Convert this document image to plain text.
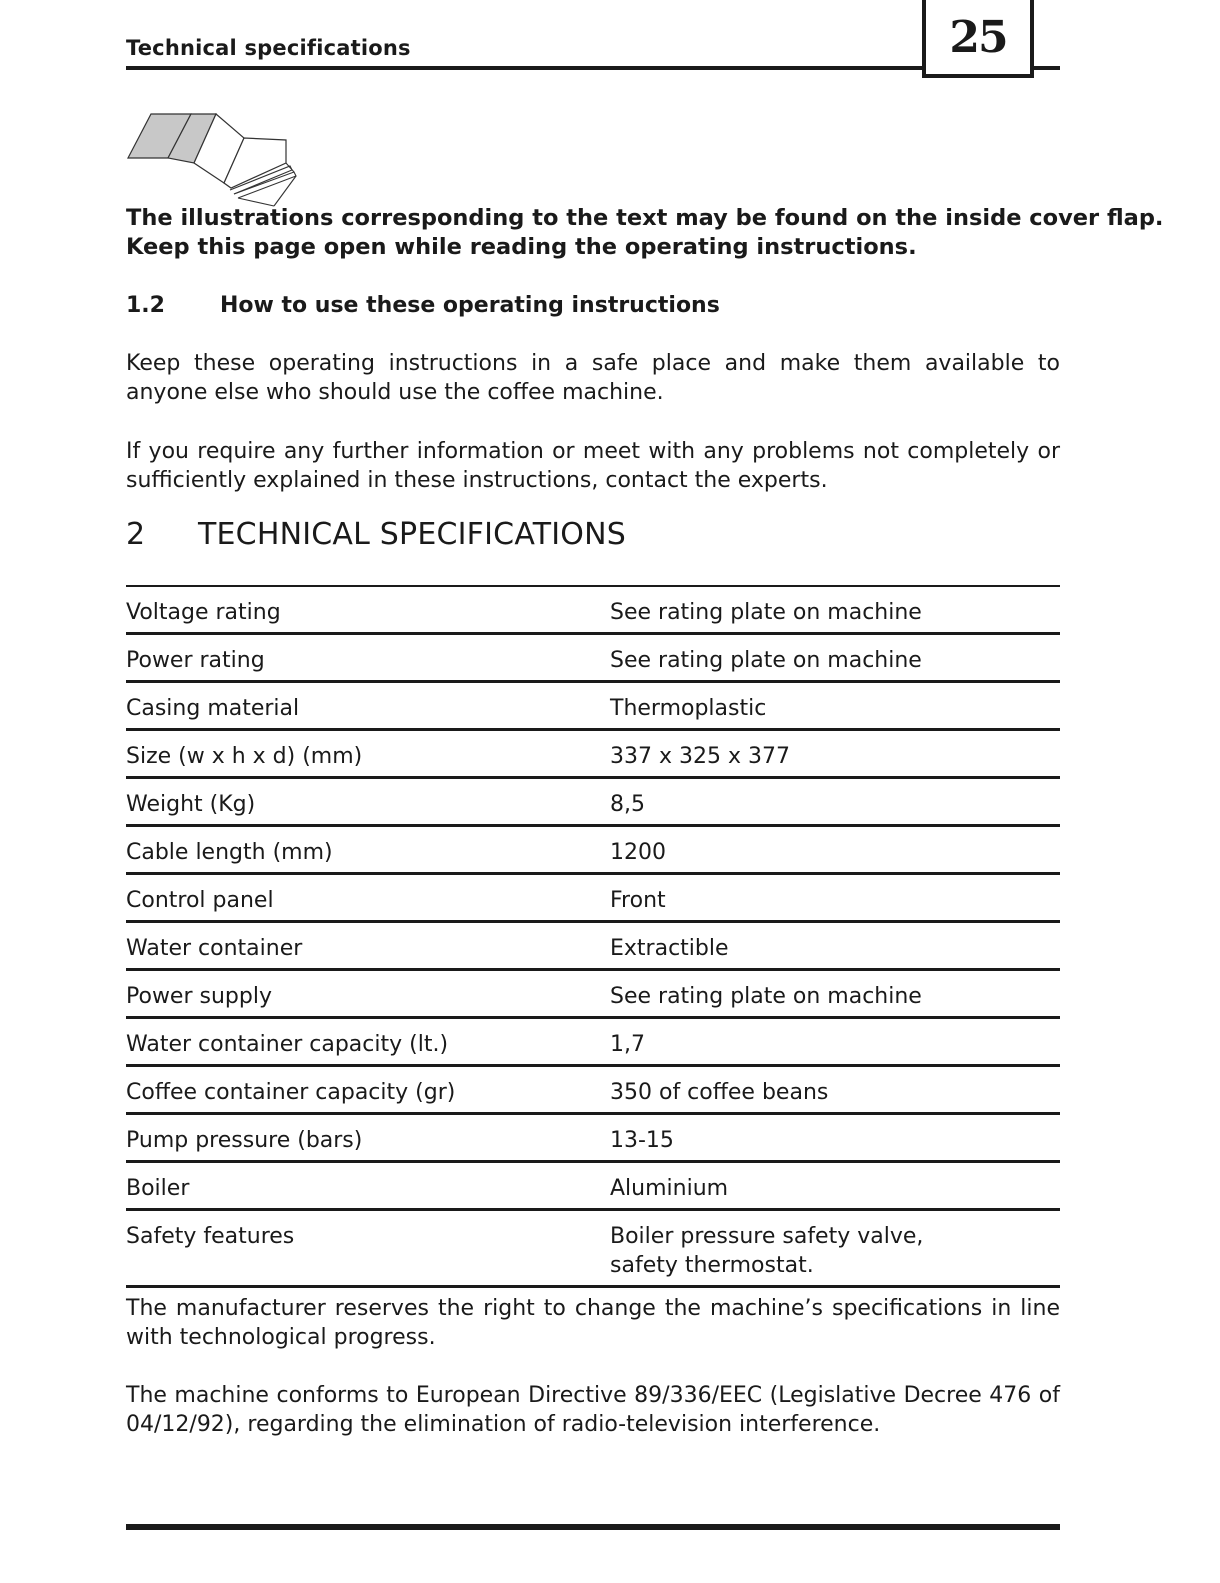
Technical specifications	25
The illustrations corresponding to the text may be found on the inside cover flap.
Keep this page open while reading the operating instructions.
1.2	How to use these operating instructions
Keep these operating instructions in a safe place and make them available to anyone else who should use the coffee machine.
If you require any further information or meet with any problems not completely or sufficiently explained in these instructions, contact the experts.
2 TECHNICAL SPECIFICATIONS
Voltage rating	See rating plate on machine
Power rating	See rating plate on machine
Casing material	Thermoplastic
Size (w x h x d) (mm)	337 x 325 x 377
Weight (Kg)	8,5
Cable length (mm)	1200
Control panel	Front
Water container	Extractible
Power supply	See rating plate on machine
Water container capacity (lt.)	1,7
Coffee container capacity (gr)	350 of coffee beans
Pump pressure (bars)	13-15
Boiler	Aluminium
Safety features	Boiler pressure safety valve, safety thermostat.
The manufacturer reserves the right to change the machine’s specifications in line with technological progress.
The machine conforms to European Directive 89/336/EEC (Legislative Decree 476 of 04/12/92), regarding the elimination of radio-television interference.
